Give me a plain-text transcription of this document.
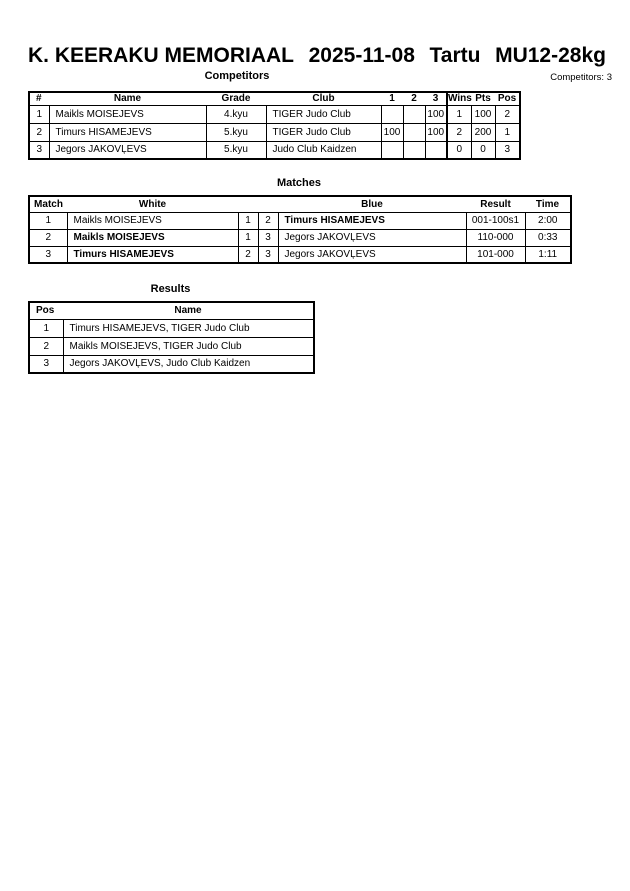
K. KEERAKU MEMORIAAL 2025-11-08 Tartu MU12-28kg
Competitors	Competitors: 3
#	Name	Grade	Club	1	2	3	Wins	Pts	Pos
1	Maikls MOISEJEVS	4.kyu	TIGER Judo Club			100	1	100	2
2	Timurs HISAMEJEVS	5.kyu	TIGER Judo Club	100		100	2	200	1
3	Jegors JAKOVĻEVS	5.kyu	Judo Club Kaidzen				0	0	3
Matches
Match	White			Blue	Result	Time
1	Maikls MOISEJEVS	1	2	Timurs HISAMEJEVS	001-100s1	2:00
2	Maikls MOISEJEVS	1	3	Jegors JAKOVĻEVS	110-000	0:33
3	Timurs HISAMEJEVS	2	3	Jegors JAKOVĻEVS	101-000	1:11
Results
Pos	Name
1	Timurs HISAMEJEVS, TIGER Judo Club
2	Maikls MOISEJEVS, TIGER Judo Club
3	Jegors JAKOVĻEVS, Judo Club Kaidzen
